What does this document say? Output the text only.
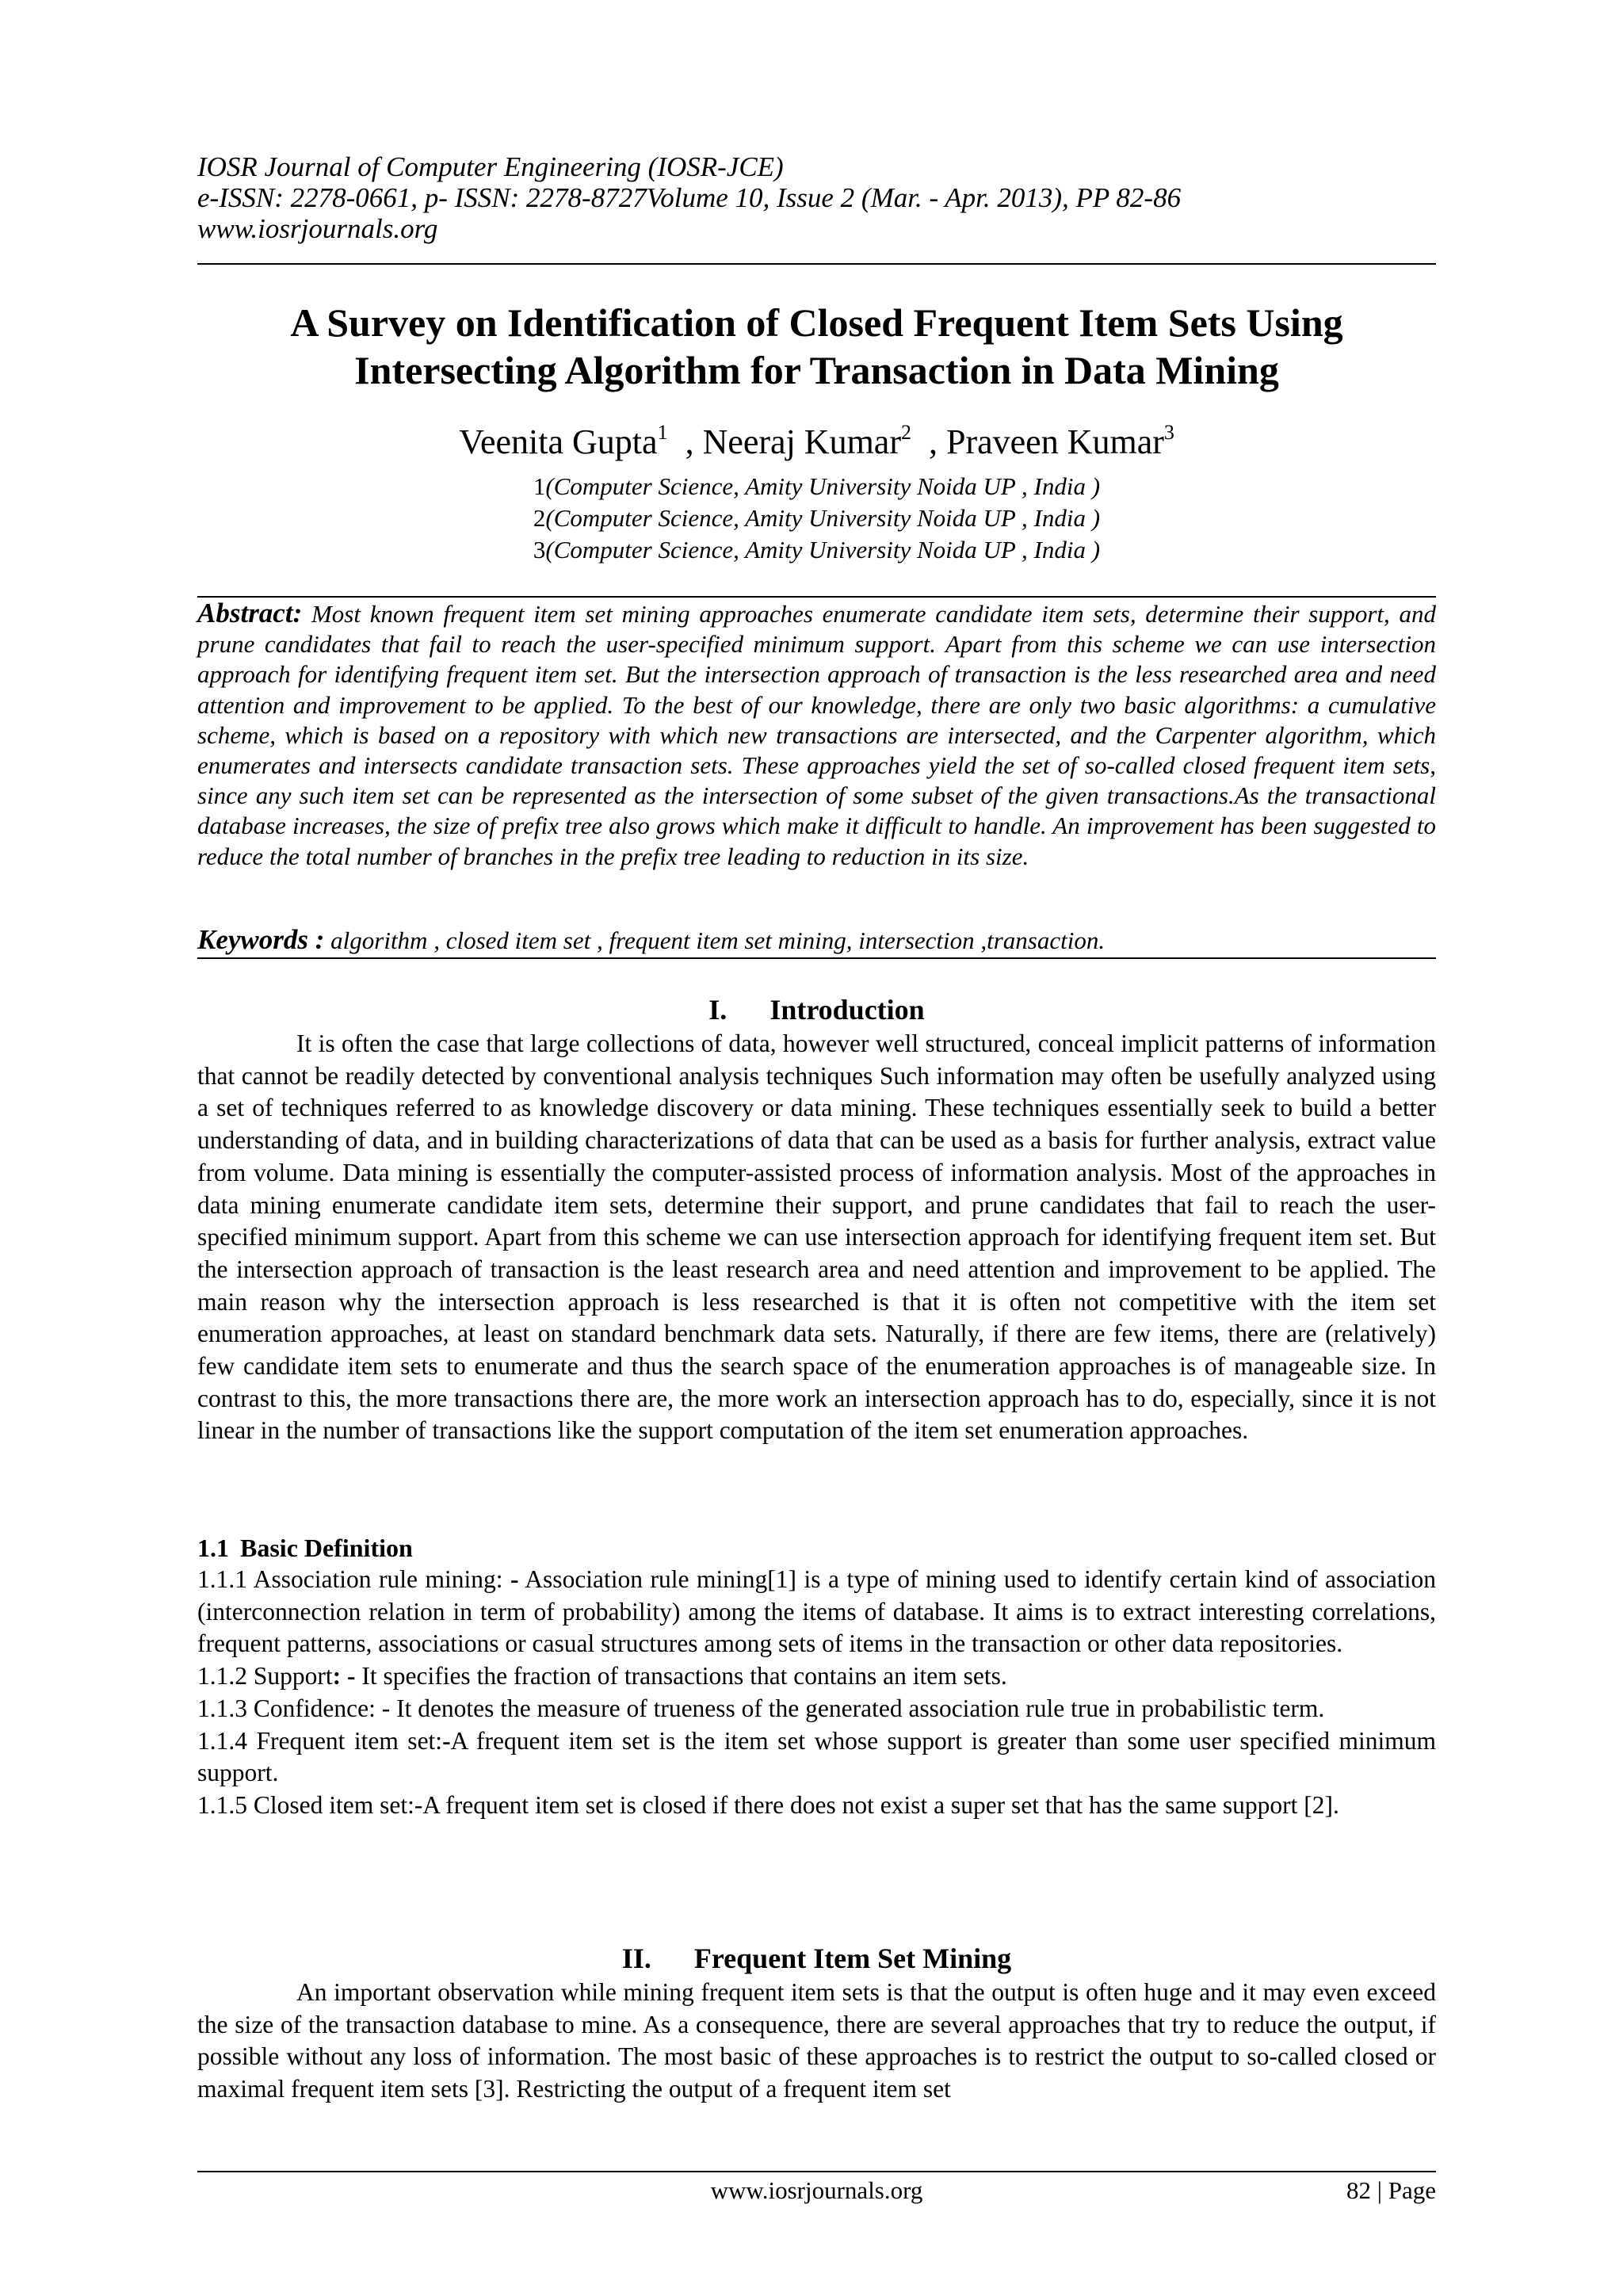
IOSR Journal of Computer Engineering (IOSR-JCE)
e-ISSN: 2278-0661, p- ISSN: 2278-8727Volume 10, Issue 2 (Mar. - Apr. 2013), PP 82-86
www.iosrjournals.org
A Survey on Identification of Closed Frequent Item Sets Using
Intersecting Algorithm for Transaction in Data Mining
Veenita Gupta$^1$ , Neeraj Kumar$^2$ , Praveen Kumar$^3$
1(Computer Science, Amity University Noida UP , India )
2(Computer Science, Amity University Noida UP , India )
3(Computer Science, Amity University Noida UP , India )
Abstract: Most known frequent item set mining approaches enumerate candidate item sets, determine their support, and prune candidates that fail to reach the user-specified minimum support. Apart from this scheme we can use intersection approach for identifying frequent item set. But the intersection approach of transaction is the less researched area and need attention and improvement to be applied. To the best of our knowledge, there are only two basic algorithms: a cumulative scheme, which is based on a repository with which new transactions are intersected, and the Carpenter algorithm, which enumerates and intersects candidate transaction sets. These approaches yield the set of so-called closed frequent item sets, since any such item set can be represented as the intersection of some subset of the given transactions.As the transactional database increases, the size of prefix tree also grows which make it difficult to handle. An improvement has been suggested to reduce the total number of branches in the prefix tree leading to reduction in its size.
Keywords : algorithm , closed item set , frequent item set mining, intersection ,transaction.
I. Introduction

It is often the case that large collections of data, however well structured, conceal implicit patterns of information that cannot be readily detected by conventional analysis techniques Such information may often be usefully analyzed using a set of techniques referred to as knowledge discovery or data mining. These techniques essentially seek to build a better understanding of data, and in building characterizations of data that can be used as a basis for further analysis, extract value from volume. Data mining is essentially the computer-assisted process of information analysis. Most of the approaches in data mining enumerate candidate item sets, determine their support, and prune candidates that fail to reach the user-specified minimum support. Apart from this scheme we can use intersection approach for identifying frequent item set. But the intersection approach of transaction is the least research area and need attention and improvement to be applied. The main reason why the intersection approach is less researched is that it is often not competitive with the item set enumeration approaches, at least on standard benchmark data sets. Naturally, if there are few items, there are (relatively) few candidate item sets to enumerate and thus the search space of the enumeration approaches is of manageable size. In contrast to this, the more transactions there are, the more work an intersection approach has to do, especially, since it is not linear in the number of transactions like the support computation of the item set enumeration approaches.

1.1 Basic Definition

1.1.1 Association rule mining: - Association rule mining[1] is a type of mining used to identify certain kind of association (interconnection relation in term of probability) among the items of database. It aims is to extract interesting correlations, frequent patterns, associations or casual structures among sets of items in the transaction or other data repositories.

1.1.2 Support: - It specifies the fraction of transactions that contains an item sets.

1.1.3 Confidence: - It denotes the measure of trueness of the generated association rule true in probabilistic term.

1.1.4 Frequent item set:-A frequent item set is the item set whose support is greater than some user specified minimum support.

1.1.5 Closed item set:-A frequent item set is closed if there does not exist a super set that has the same support [2].

II. Frequent Item Set Mining

An important observation while mining frequent item sets is that the output is often huge and it may even exceed the size of the transaction database to mine. As a consequence, there are several approaches that try to reduce the output, if possible without any loss of information. The most basic of these approaches is to restrict the output to so-called closed or maximal frequent item sets [3]. Restricting the output of a frequent item set

www.iosrjournals.org	82 | Page
